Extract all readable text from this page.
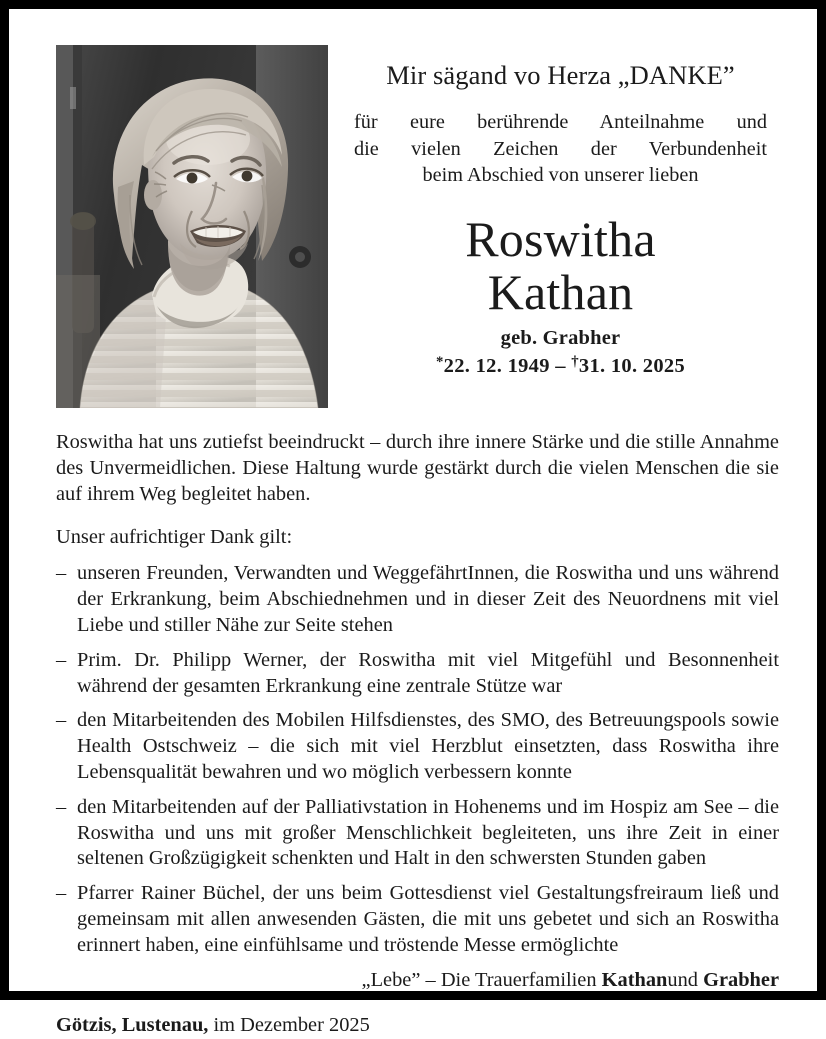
Mir sägand vo Herza „DANKE”
für eure berührende Anteilnahme und
die vielen Zeichen der Verbundenheit
beim Abschied von unserer lieben
Roswitha
Kathan
geb. Grabher
*22. 12. 1949 – †31. 10. 2025

Roswitha hat uns zutiefst beeindruckt – durch ihre innere Stärke und die stille Annahme des Unvermeidlichen. Diese Haltung wurde gestärkt durch die vielen Menschen die sie auf ihrem Weg begleitet haben.

Unser aufrichtiger Dank gilt:

– unseren Freunden, Verwandten und WeggefährtInnen, die Roswitha und uns während der Erkrankung, beim Abschiednehmen und in dieser Zeit des Neuordnens mit viel Liebe und stiller Nähe zur Seite stehen
– Prim. Dr. Philipp Werner, der Roswitha mit viel Mitgefühl und Besonnenheit während der gesamten Erkrankung eine zentrale Stütze war
– den Mitarbeitenden des Mobilen Hilfsdienstes, des SMO, des Betreuungspools sowie Health Ostschweiz – die sich mit viel Herzblut einsetzten, dass Roswitha ihre Lebensqualität bewahren und wo möglich verbessern konnte
– den Mitarbeitenden auf der Palliativstation in Hohenems und im Hospiz am See – die Roswitha und uns mit großer Menschlichkeit begleiteten, uns ihre Zeit in einer seltenen Großzügigkeit schenkten und Halt in den schwersten Stunden gaben
– Pfarrer Rainer Büchel, der uns beim Gottesdienst viel Gestaltungsfreiraum ließ und gemeinsam mit allen anwesenden Gästen, die mit uns gebetet und sich an Roswitha erinnert haben, eine einfühlsame und tröstende Messe ermöglichte

„Lebe” – Die Trauerfamilien Kathanund Grabher

Götzis, Lustenau, im Dezember 2025
